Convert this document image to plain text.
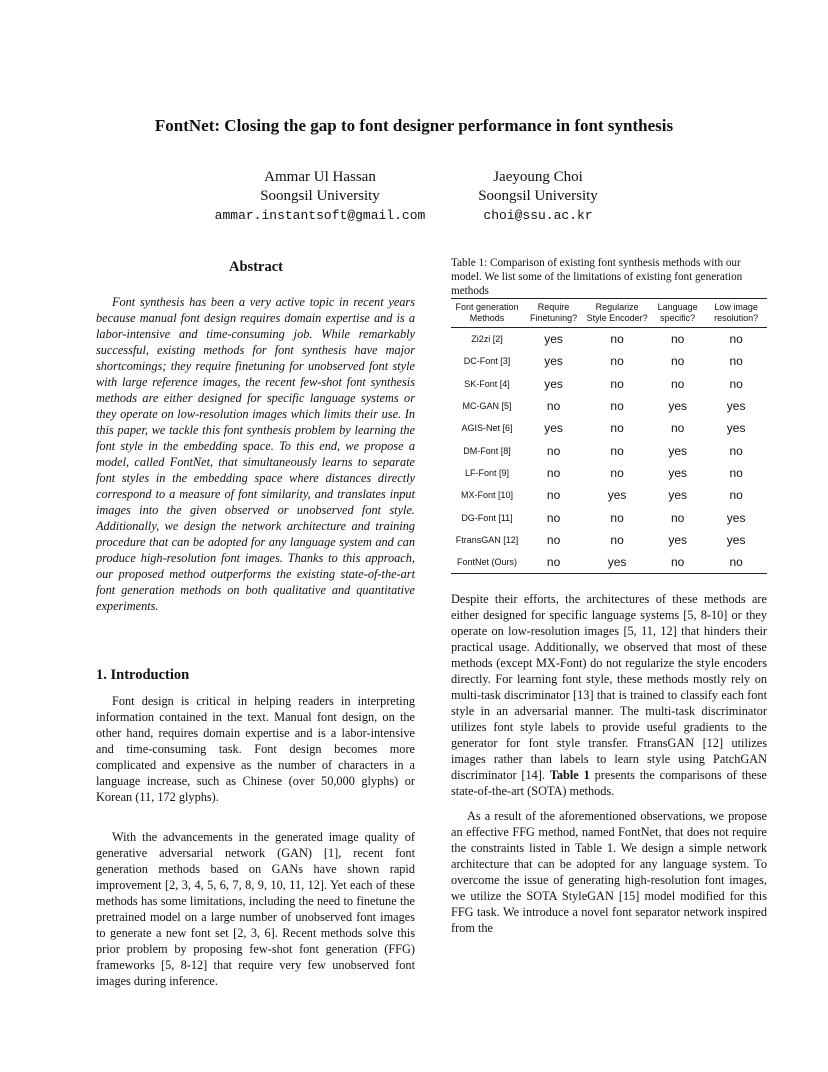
FontNet: Closing the gap to font designer performance in font synthesis
Ammar Ul Hassan
Soongsil University
ammar.instantsoft@gmail.com
Jaeyoung Choi
Soongsil University
choi@ssu.ac.kr
Abstract

Font synthesis has been a very active topic in recent years because manual font design requires domain expertise and is a labor-intensive and time-consuming job. While remarkably successful, existing methods for font synthesis have major shortcomings; they require finetuning for unobserved font style with large reference images, the recent few-shot font synthesis methods are either designed for specific language systems or they operate on low-resolution images which limits their use. In this paper, we tackle this font synthesis problem by learning the font style in the embedding space. To this end, we propose a model, called FontNet, that simultaneously learns to separate font styles in the embedding space where distances directly correspond to a measure of font similarity, and translates input images into the given observed or unobserved font style. Additionally, we design the network architecture and training procedure that can be adopted for any language system and can produce high-resolution font images. Thanks to this approach, our proposed method outperforms the existing state-of-the-art font generation methods on both qualitative and quantitative experiments.

1. Introduction

Font design is critical in helping readers in interpreting information contained in the text. Manual font design, on the other hand, requires domain expertise and is a labor-intensive and time-consuming task. Font design becomes more complicated and expensive as the number of characters in a language increase, such as Chinese (over 50,000 glyphs) or Korean (11, 172 glyphs).

With the advancements in the generated image quality of generative adversarial network (GAN) [1], recent font generation methods based on GANs have shown rapid improvement [2, 3, 4, 5, 6, 7, 8, 9, 10, 11, 12]. Yet each of these methods has some limitations, including the need to finetune the pretrained model on a large number of unobserved font images to generate a new font set [2, 3, 6]. Recent methods solve this prior problem by proposing few-shot font generation (FFG) frameworks [5, 8-12] that require very few unobserved font images during inference.

Table 1: Comparison of existing font synthesis methods with our model. We list some of the limitations of existing font generation methods

Font generation Methods	Require Finetuning?	Regularize Style Encoder?	Language specific?	Low image resolution?
Zi2zi [2]	yes	no	no	no
DC-Font [3]	yes	no	no	no
SK-Font [4]	yes	no	no	no
MC-GAN [5]	no	no	yes	yes
AGIS-Net [6]	yes	no	no	yes
DM-Font [8]	no	no	yes	no
LF-Font [9]	no	no	yes	no
MX-Font [10]	no	yes	yes	no
DG-Font [11]	no	no	no	yes
FtransGAN [12]	no	no	yes	yes
FontNet (Ours)	no	yes	no	no

Despite their efforts, the architectures of these methods are either designed for specific language systems [5, 8-10] or they operate on low-resolution images [5, 11, 12] that hinders their practical usage. Additionally, we observed that most of these methods (except MX-Font) do not regularize the style encoders directly. For learning font style, these methods mostly rely on multi-task discriminator [13] that is trained to classify each font style in an adversarial manner. The multi-task discriminator utilizes font style labels to provide useful gradients to the generator for font style transfer. FtransGAN [12] utilizes images rather than labels to learn style using PatchGAN discriminator [14]. Table 1 presents the comparisons of these state-of-the-art (SOTA) methods.

As a result of the aforementioned observations, we propose an effective FFG method, named FontNet, that does not require the constraints listed in Table 1. We design a simple network architecture that can be adopted for any language system. To overcome the issue of generating high-resolution font images, we utilize the SOTA StyleGAN [15] model modified for this FFG task. We introduce a novel font separator network inspired from the
